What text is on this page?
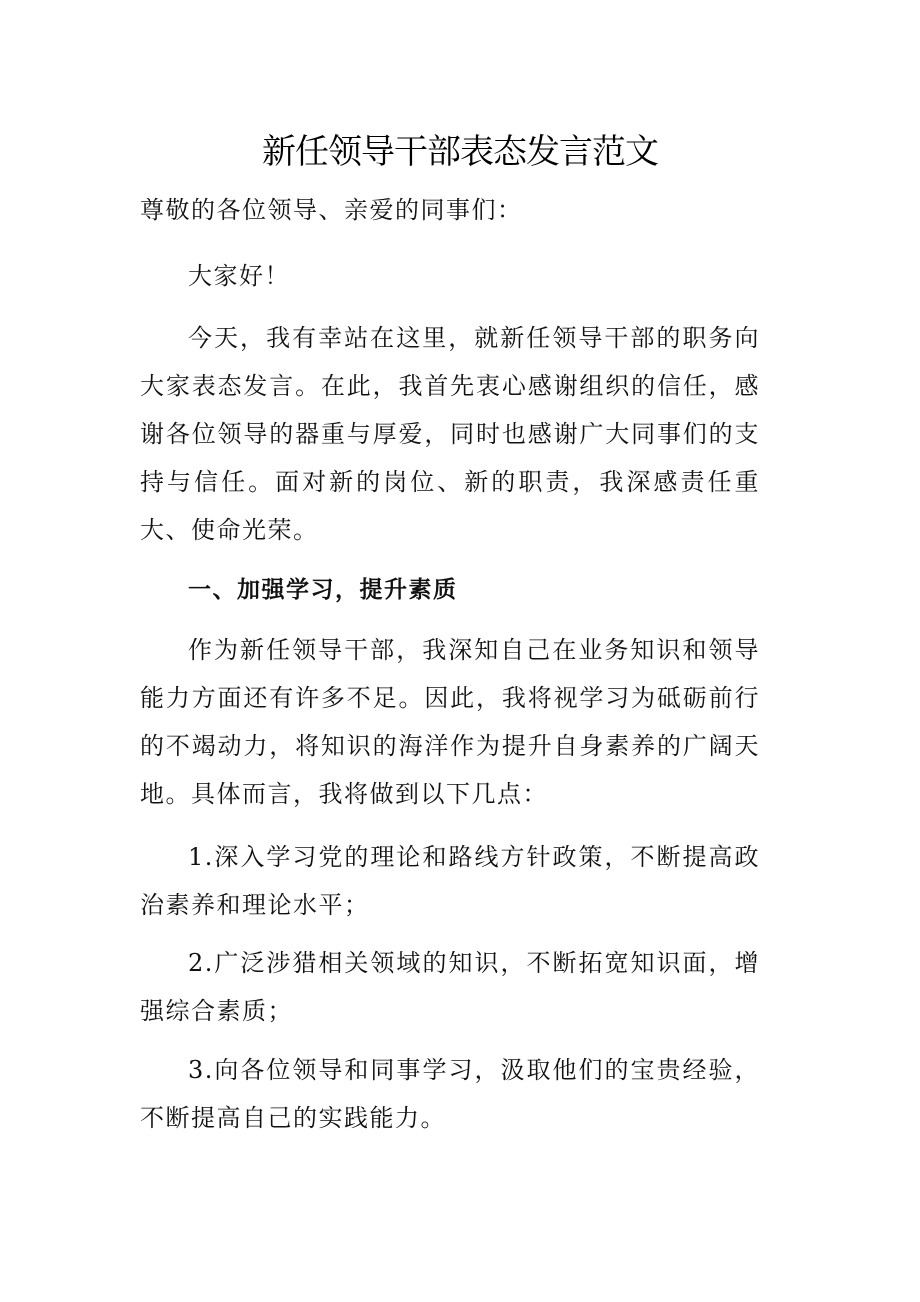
新任领导干部表态发言范文

尊敬的各位领导、亲爱的同事们：

大家好！

今天，我有幸站在这里，就新任领导干部的职务向大家表态发言。在此，我首先衷心感谢组织的信任，感谢各位领导的器重与厚爱，同时也感谢广大同事们的支持与信任。面对新的岗位、新的职责，我深感责任重大、使命光荣。

一、加强学习，提升素质

作为新任领导干部，我深知自己在业务知识和领导能力方面还有许多不足。因此，我将视学习为砥砺前行的不竭动力，将知识的海洋作为提升自身素养的广阔天地。具体而言，我将做到以下几点：

1.深入学习党的理论和路线方针政策，不断提高政治素养和理论水平；

2.广泛涉猎相关领域的知识，不断拓宽知识面，增强综合素质；

3.向各位领导和同事学习，汲取他们的宝贵经验，不断提高自己的实践能力。
